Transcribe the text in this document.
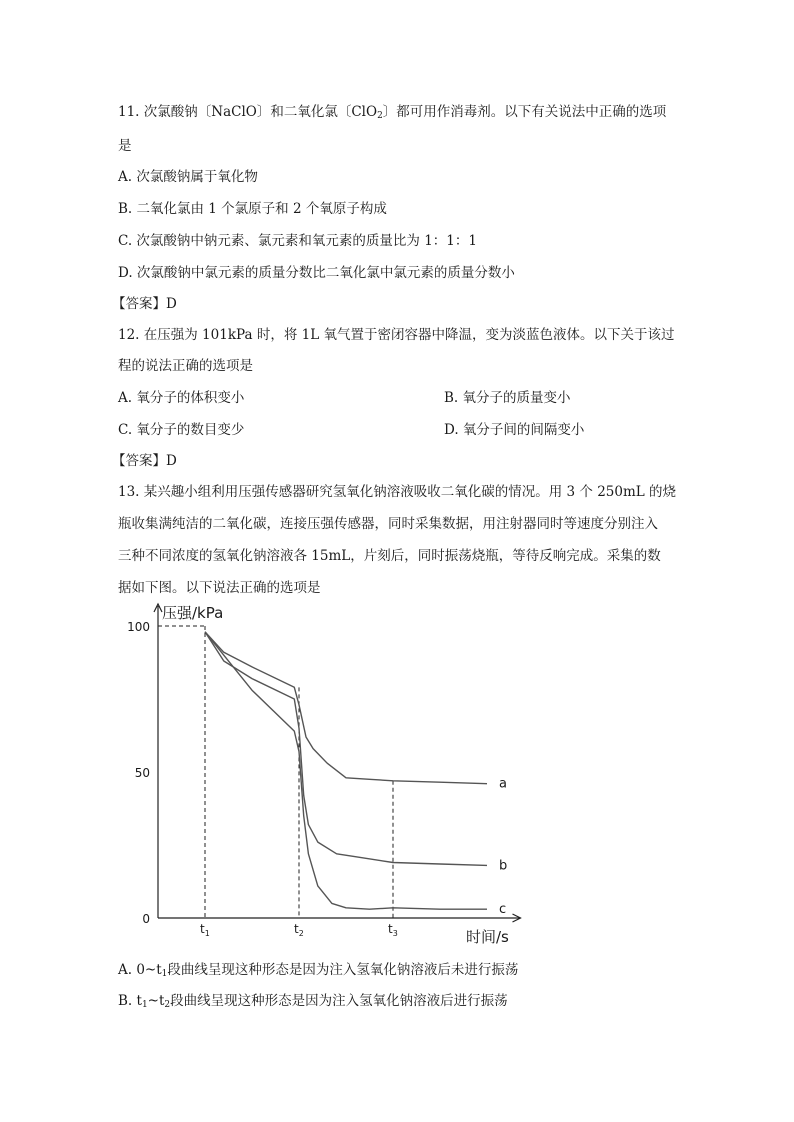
11. 次氯酸钠〔NaClO〕和二氧化氯〔ClO$_2$〕都可用作消毒剂。以下有关说法中正确的选项
是
A. 次氯酸钠属于氧化物
B. 二氧化氯由 1 个氯原子和 2 个氧原子构成
C. 次氯酸钠中钠元素、氯元素和氧元素的质量比为 1：1：1
D. 次氯酸钠中氯元素的质量分数比二氧化氯中氯元素的质量分数小
【答案】D
12. 在压强为 101kPa 时，将 1L 氧气置于密闭容器中降温，变为淡蓝色液体。以下关于该过
程的说法正确的选项是
A. 氧分子的体积变小	B. 氧分子的质量变小
C. 氧分子的数目变少	D. 氧分子间的间隔变小
【答案】D
13. 某兴趣小组利用压强传感器研究氢氧化钠溶液吸收二氧化碳的情况。用 3 个 250mL 的烧
瓶收集满纯洁的二氧化碳，连接压强传感器，同时采集数据，用注射器同时等速度分别注入
三种不同浓度的氢氧化钠溶液各 15mL，片刻后，同时振荡烧瓶，等待反响完成。采集的数
据如下图。以下说法正确的选项是
压强/kPa
时间/s
100
50
0
$t_1$	$t_2$	$t_3$
a
b
c
A. $0\sim t_1$段曲线呈现这种形态是因为注入氢氧化钠溶液后未进行振荡
B. $t_1\sim t_2$段曲线呈现这种形态是因为注入氢氧化钠溶液后进行振荡
